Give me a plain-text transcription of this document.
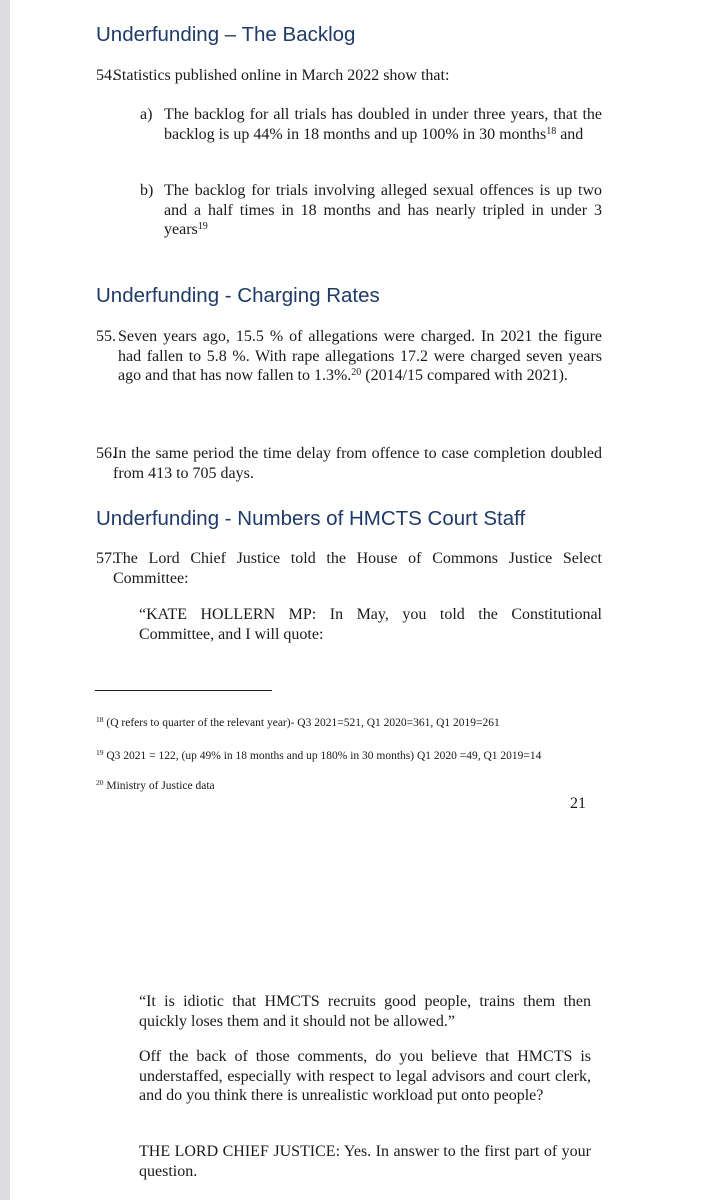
Underfunding – The Backlog
54.
Statistics published online in March 2022 show that:
a) The backlog for all trials has doubled in under three years, that the backlog is up 44% in 18 months and up 100% in 30 months$^{18}$ and
b) The backlog for trials involving alleged sexual offences is up two and a half times in 18 months and has nearly tripled in under 3 years$^{19}$
Underfunding - Charging Rates
55. Seven years ago, 15.5 % of allegations were charged. In 2021 the figure had fallen to 5.8 %. With rape allegations 17.2 were charged seven years ago and that has now fallen to 1.3%.$^{20}$ (2014/15 compared with 2021).
56.
In the same period the time delay from offence to case completion doubled from 413 to 705 days.
Underfunding - Numbers of HMCTS Court Staff
57.
The Lord Chief Justice told the House of Commons Justice Select Committee:
“KATE HOLLERN MP: In May, you told the Constitutional Committee, and I will quote:
$^{18}$ (Q refers to quarter of the relevant year)- Q3 2021=521, Q1 2020=361, Q1 2019=261
$^{19}$ Q3 2021 = 122, (up 49% in 18 months and up 180% in 30 months) Q1 2020 =49, Q1 2019=14
$^{20}$ Ministry of Justice data
21
“It is idiotic that HMCTS recruits good people, trains them then quickly loses them and it should not be allowed.”
Off the back of those comments, do you believe that HMCTS is understaffed, especially with respect to legal advisors and court clerk, and do you think there is unrealistic workload put onto people?
THE LORD CHIEF JUSTICE: Yes. In answer to the first part of your question.
